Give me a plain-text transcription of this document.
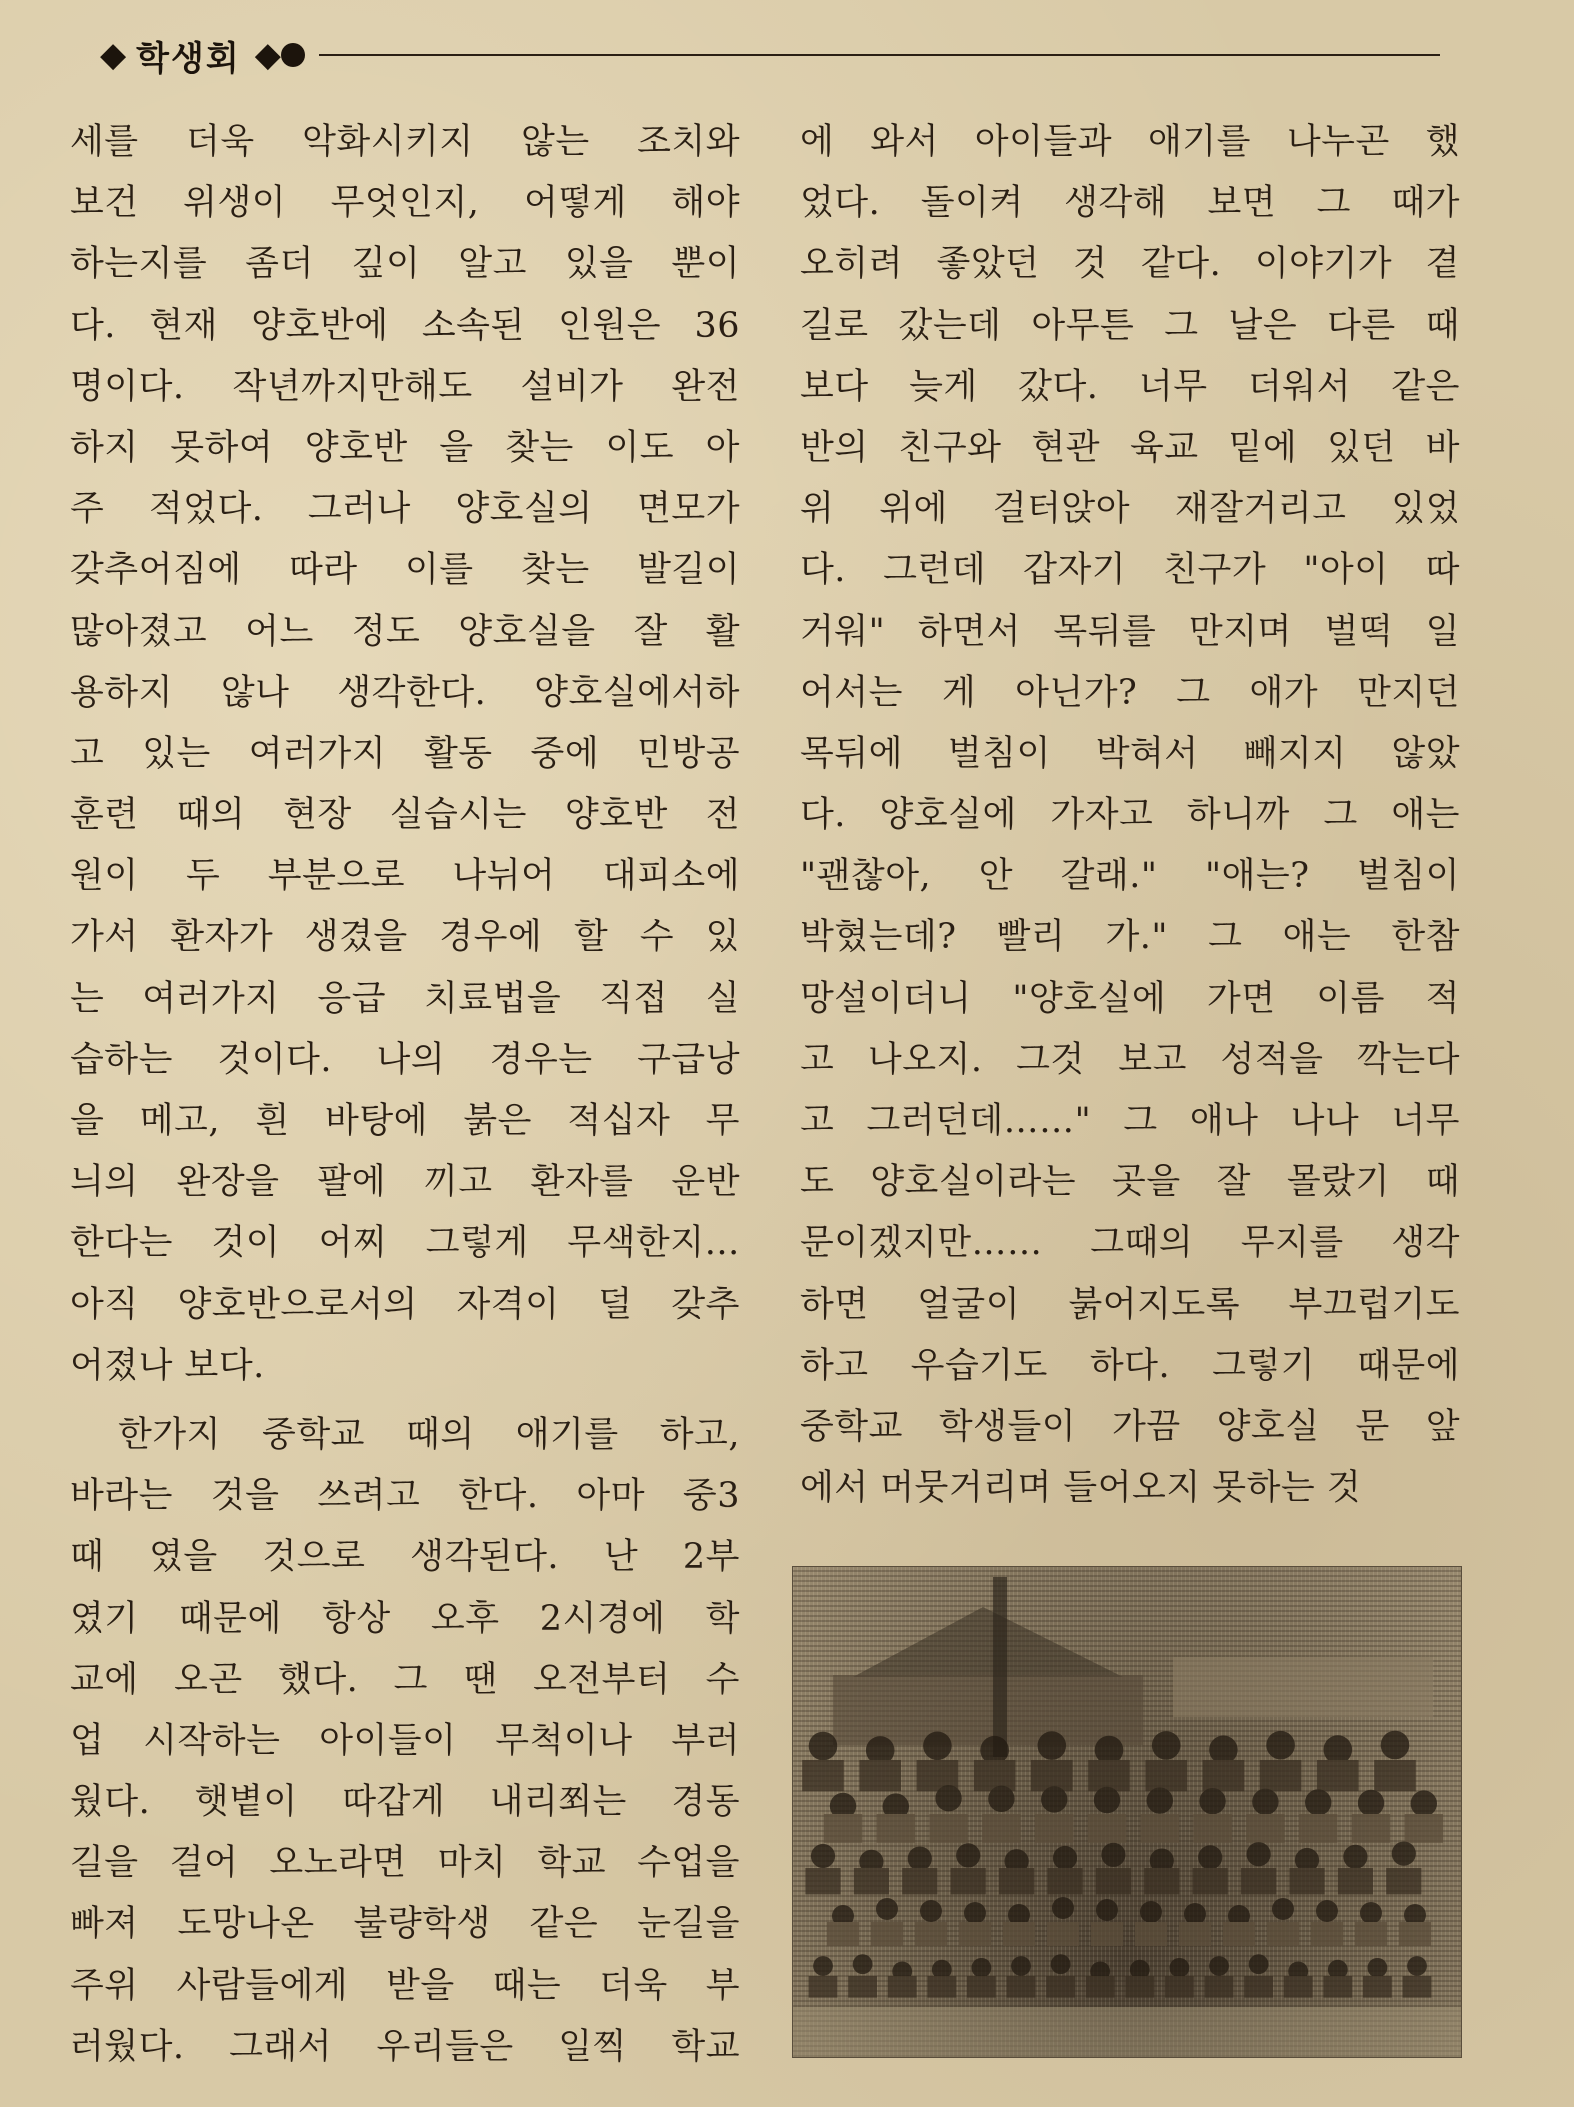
◆ 학생회 ◆
세를 더욱 악화시키지 않는 조치와
보건 위생이 무엇인지, 어떻게 해야
하는지를 좀더 깊이 알고 있을 뿐이
다. 현재 양호반에 소속된 인원은 36
명이다. 작년까지만해도 설비가 완전
하지 못하여 양호반 을 찾는 이도 아
주 적었다. 그러나 양호실의 면모가
갖추어짐에 따라 이를 찾는 발길이
많아졌고 어느 정도 양호실을 잘 활
용하지 않나 생각한다. 양호실에서하
고 있는 여러가지 활동 중에 민방공
훈련 때의 현장 실습시는 양호반 전
원이 두 부분으로 나뉘어 대피소에
가서 환자가 생겼을 경우에 할 수 있
는 여러가지 응급 치료법을 직접 실
습하는 것이다. 나의 경우는 구급낭
을 메고, 흰 바탕에 붉은 적십자 무
늬의 완장을 팔에 끼고 환자를 운반
한다는 것이 어찌 그렇게 무색한지…
아직 양호반으로서의 자격이 덜 갖추
어졌나 보다.
한가지 중학교 때의 애기를 하고,
바라는 것을 쓰려고 한다. 아마 중3
때 였을 것으로 생각된다. 난 2부
였기 때문에 항상 오후 2시경에 학
교에 오곤 했다. 그 땐 오전부터 수
업 시작하는 아이들이 무척이나 부러
웠다. 햇볕이 따갑게 내리쬐는 경동
길을 걸어 오노라면 마치 학교 수업을
빠져 도망나온 불량학생 같은 눈길을
주위 사람들에게 받을 때는 더욱 부
러웠다. 그래서 우리들은 일찍 학교
에 와서 아이들과 애기를 나누곤 했
었다. 돌이켜 생각해 보면 그 때가
오히려 좋았던 것 같다. 이야기가 곁
길로 갔는데 아무튼 그 날은 다른 때
보다 늦게 갔다. 너무 더워서 같은
반의 친구와 현관 육교 밑에 있던 바
위 위에 걸터앉아 재잘거리고 있었
다. 그런데 갑자기 친구가 "아이 따
거워" 하면서 목뒤를 만지며 벌떡 일
어서는 게 아닌가? 그 애가 만지던
목뒤에 벌침이 박혀서 빼지지 않았
다. 양호실에 가자고 하니까 그 애는
"괜찮아, 안 갈래." "애는? 벌침이
박혔는데? 빨리 가." 그 애는 한참
망설이더니 "양호실에 가면 이름 적
고 나오지. 그것 보고 성적을 깍는다
고 그러던데……" 그 애나 나나 너무
도 양호실이라는 곳을 잘 몰랐기 때
문이겠지만…… 그때의 무지를 생각
하면 얼굴이 붉어지도록 부끄럽기도
하고 우습기도 하다. 그렇기 때문에
중학교 학생들이 가끔 양호실 문 앞
에서 머뭇거리며 들어오지 못하는 것
